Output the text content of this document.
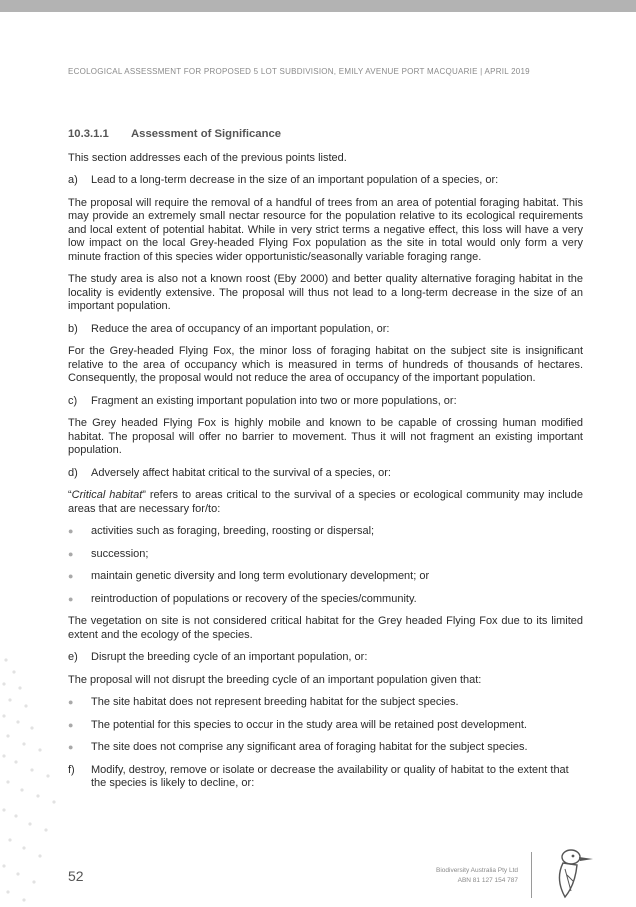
ECOLOGICAL ASSESSMENT FOR PROPOSED 5 LOT SUBDIVISION, EMILY AVENUE PORT MACQUARIE | APRIL 2019
10.3.1.1 Assessment of Significance

This section addresses each of the previous points listed.

a)	Lead to a long-term decrease in the size of an important population of a species, or:

The proposal will require the removal of a handful of trees from an area of potential foraging habitat. This may provide an extremely small nectar resource for the population relative to its ecological requirements and local extent of potential habitat. While in very strict terms a negative effect, this loss will have a very low impact on the local Grey-headed Flying Fox population as the site in total would only form a very minute fraction of this species wider opportunistic/seasonally variable foraging range.

The study area is also not a known roost (Eby 2000) and better quality alternative foraging habitat in the locality is evidently extensive. The proposal will thus not lead to a long-term decrease in the size of an important population.

b)	Reduce the area of occupancy of an important population, or:

For the Grey-headed Flying Fox, the minor loss of foraging habitat on the subject site is insignificant relative to the area of occupancy which is measured in terms of hundreds of thousands of hectares. Consequently, the proposal would not reduce the area of occupancy of the important population.

c)	Fragment an existing important population into two or more populations, or:

The Grey headed Flying Fox is highly mobile and known to be capable of crossing human modified habitat. The proposal will offer no barrier to movement. Thus it will not fragment an existing important population.

d)	Adversely affect habitat critical to the survival of a species, or:

“Critical habitat” refers to areas critical to the survival of a species or ecological community may include areas that are necessary for/to:

●	activities such as foraging, breeding, roosting or dispersal;
●	succession;
●	maintain genetic diversity and long term evolutionary development; or
●	reintroduction of populations or recovery of the species/community.

The vegetation on site is not considered critical habitat for the Grey headed Flying Fox due to its limited extent and the ecology of the species.

e)	Disrupt the breeding cycle of an important population, or:

The proposal will not disrupt the breeding cycle of an important population given that:

●	The site habitat does not represent breeding habitat for the subject species.
●	The potential for this species to occur in the study area will be retained post development.
●	The site does not comprise any significant area of foraging habitat for the subject species.
f)	Modify, destroy, remove or isolate or decrease the availability or quality of habitat to the extent that the species is likely to decline, or:
52	Biodiversity Australia Pty Ltd
ABN 81 127 154 787
